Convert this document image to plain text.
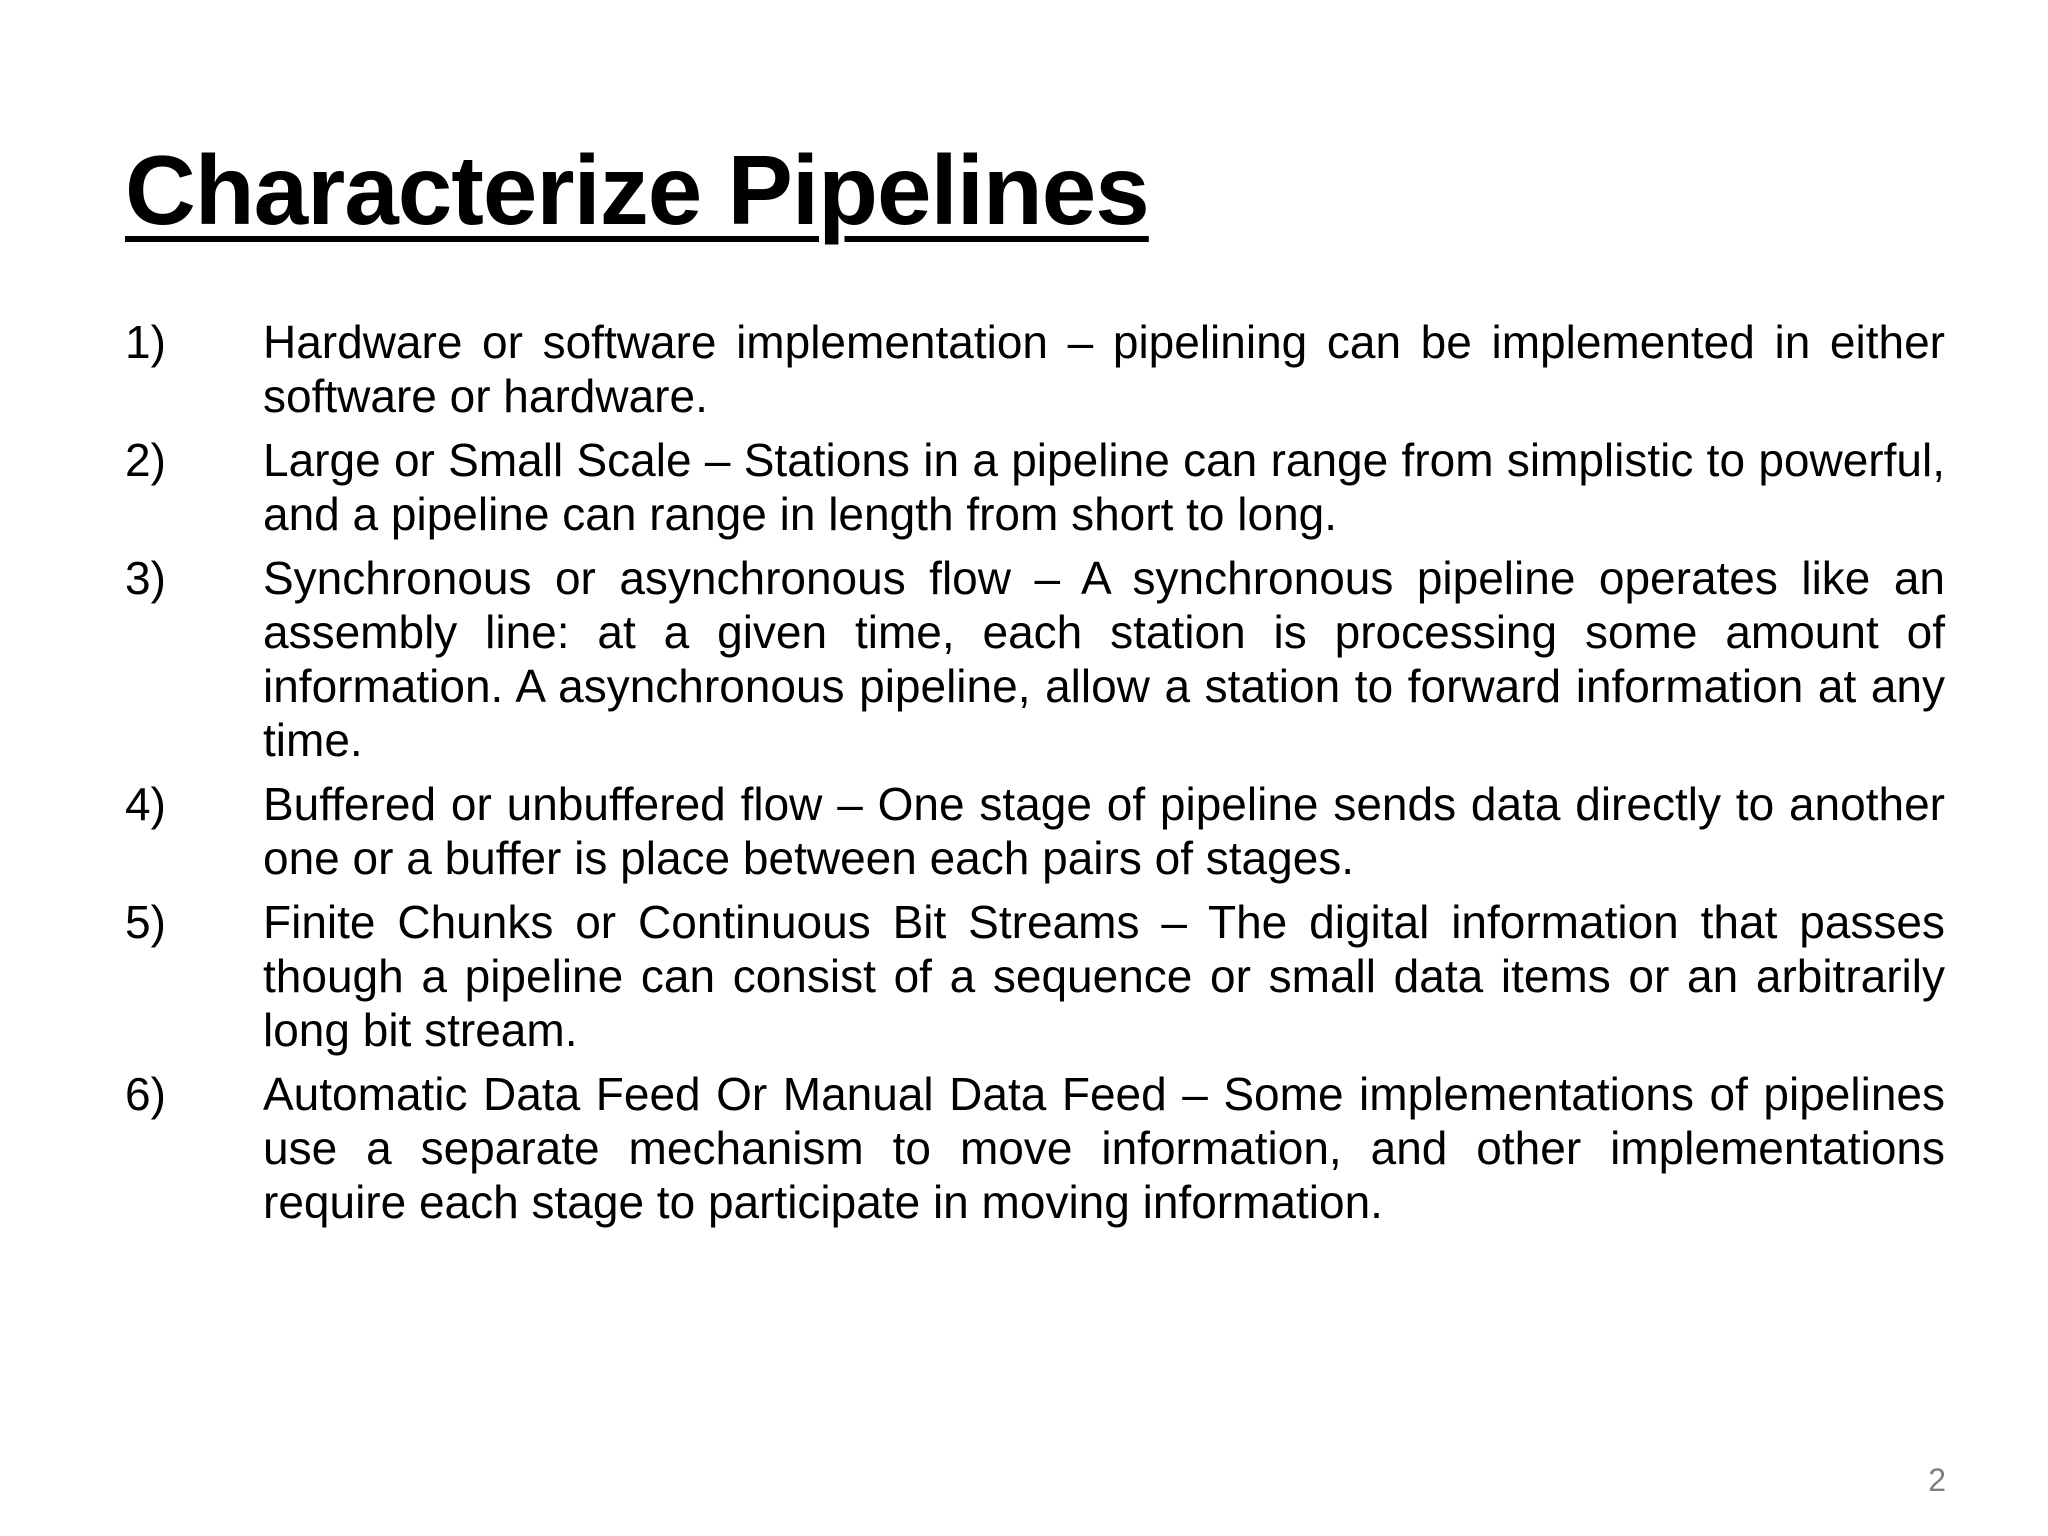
Characterize Pipelines
1)	Hardware or software implementation – pipelining can be implemented in either software or hardware.
2)	Large or Small Scale – Stations in a pipeline can range from simplistic to powerful, and a pipeline can range in length from short to long.
3)	Synchronous or asynchronous flow – A synchronous pipeline operates like an assembly line: at a given time, each station is processing some amount of information. A asynchronous pipeline, allow a station to forward information at any time.
4)	Buffered or unbuffered flow – One stage of pipeline sends data directly to another one or a buffer is place between each pairs of stages.
5)	Finite Chunks or Continuous Bit Streams – The digital information that passes though a pipeline can consist of a sequence or small data items or an arbitrarily long bit stream.
6)	Automatic Data Feed Or Manual Data Feed – Some implementations of pipelines use a separate mechanism to move information, and other implementations require each stage to participate in moving information.
2
